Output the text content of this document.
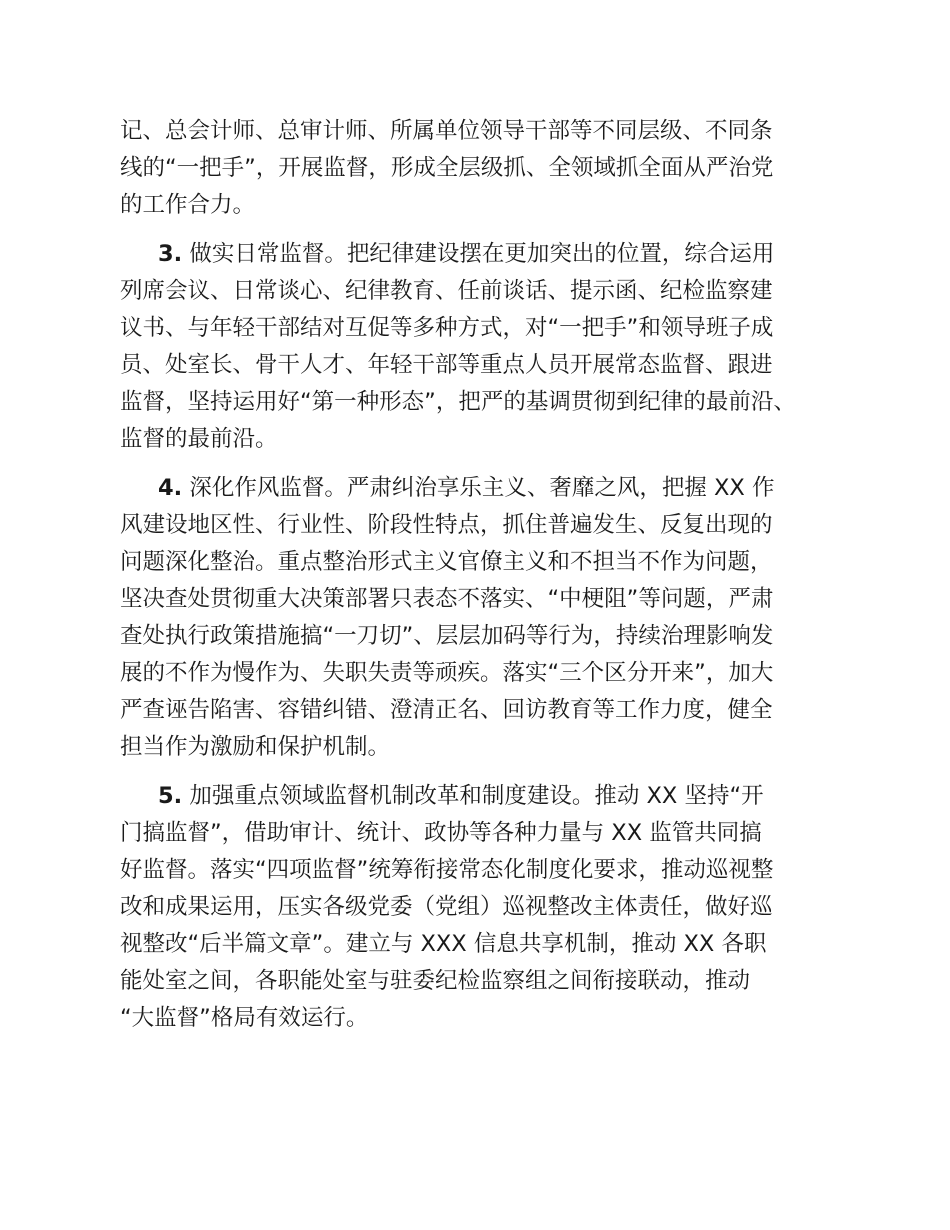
记、总会计师、总审计师、所属单位领导干部等不同层级、不同条
线的“一把手”，开展监督，形成全层级抓、全领域抓全面从严治党
的工作合力。
3. 做实日常监督。把纪律建设摆在更加突出的位置，综合运用
列席会议、日常谈心、纪律教育、任前谈话、提示函、纪检监察建
议书、与年轻干部结对互促等多种方式，对“一把手”和领导班子成
员、处室长、骨干人才、年轻干部等重点人员开展常态监督、跟进
监督，坚持运用好“第一种形态”，把严的基调贯彻到纪律的最前沿、
监督的最前沿。
4. 深化作风监督。严肃纠治享乐主义、奢靡之风，把握 XX 作
风建设地区性、行业性、阶段性特点，抓住普遍发生、反复出现的
问题深化整治。重点整治形式主义官僚主义和不担当不作为问题，
坚决查处贯彻重大决策部署只表态不落实、“中梗阻”等问题，严肃
查处执行政策措施搞“一刀切”、层层加码等行为，持续治理影响发
展的不作为慢作为、失职失责等顽疾。落实“三个区分开来”，加大
严查诬告陷害、容错纠错、澄清正名、回访教育等工作力度，健全
担当作为激励和保护机制。
5. 加强重点领域监督机制改革和制度建设。推动 XX 坚持“开
门搞监督”，借助审计、统计、政协等各种力量与 XX 监管共同搞
好监督。落实“四项监督”统筹衔接常态化制度化要求，推动巡视整
改和成果运用，压实各级党委（党组）巡视整改主体责任，做好巡
视整改“后半篇文章”。建立与 XXX 信息共享机制，推动 XX 各职
能处室之间，各职能处室与驻委纪检监察组之间衔接联动，推动
“大监督”格局有效运行。
